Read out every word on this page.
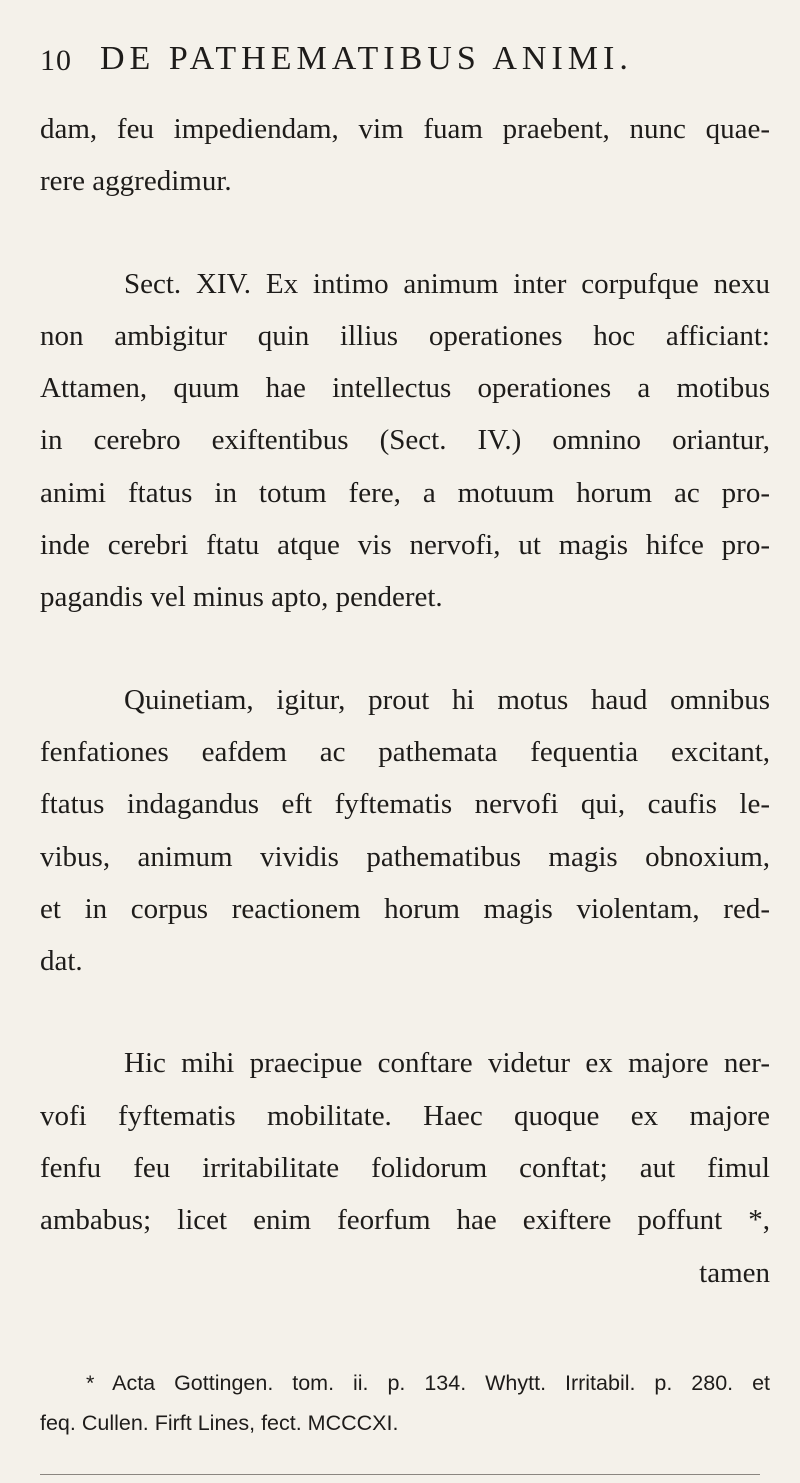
10 DE PATHEMATIBUS ANIMI.
dam, feu impediendam, vim fuam praebent, nunc quae-
rere aggredimur.
Sect. XIV. Ex intimo animum inter corpufque nexu
non ambigitur quin illius operationes hoc afficiant:
Attamen, quum hae intellectus operationes a motibus
in cerebro exiftentibus (Sect. IV.) omnino oriantur,
animi ftatus in totum fere, a motuum horum ac pro-
inde cerebri ftatu atque vis nervofi, ut magis hifce pro-
pagandis vel minus apto, penderet.
Quinetiam, igitur, prout hi motus haud omnibus
fenfationes eafdem ac pathemata fequentia excitant,
ftatus indagandus eft fyftematis nervofi qui, caufis le-
vibus, animum vividis pathematibus magis obnoxium,
et in corpus reactionem horum magis violentam, red-
dat.
Hic mihi praecipue conftare videtur ex majore ner-
vofi fyftematis mobilitate. Haec quoque ex majore
fenfu feu irritabilitate folidorum conftat; aut fimul
ambabus; licet enim feorfum hae exiftere poffunt *,
tamen
* Acta Gottingen. tom. ii. p. 134. Whytt. Irritabil. p. 280. et
feq. Cullen. Firft Lines, fect. MCCCXI.
